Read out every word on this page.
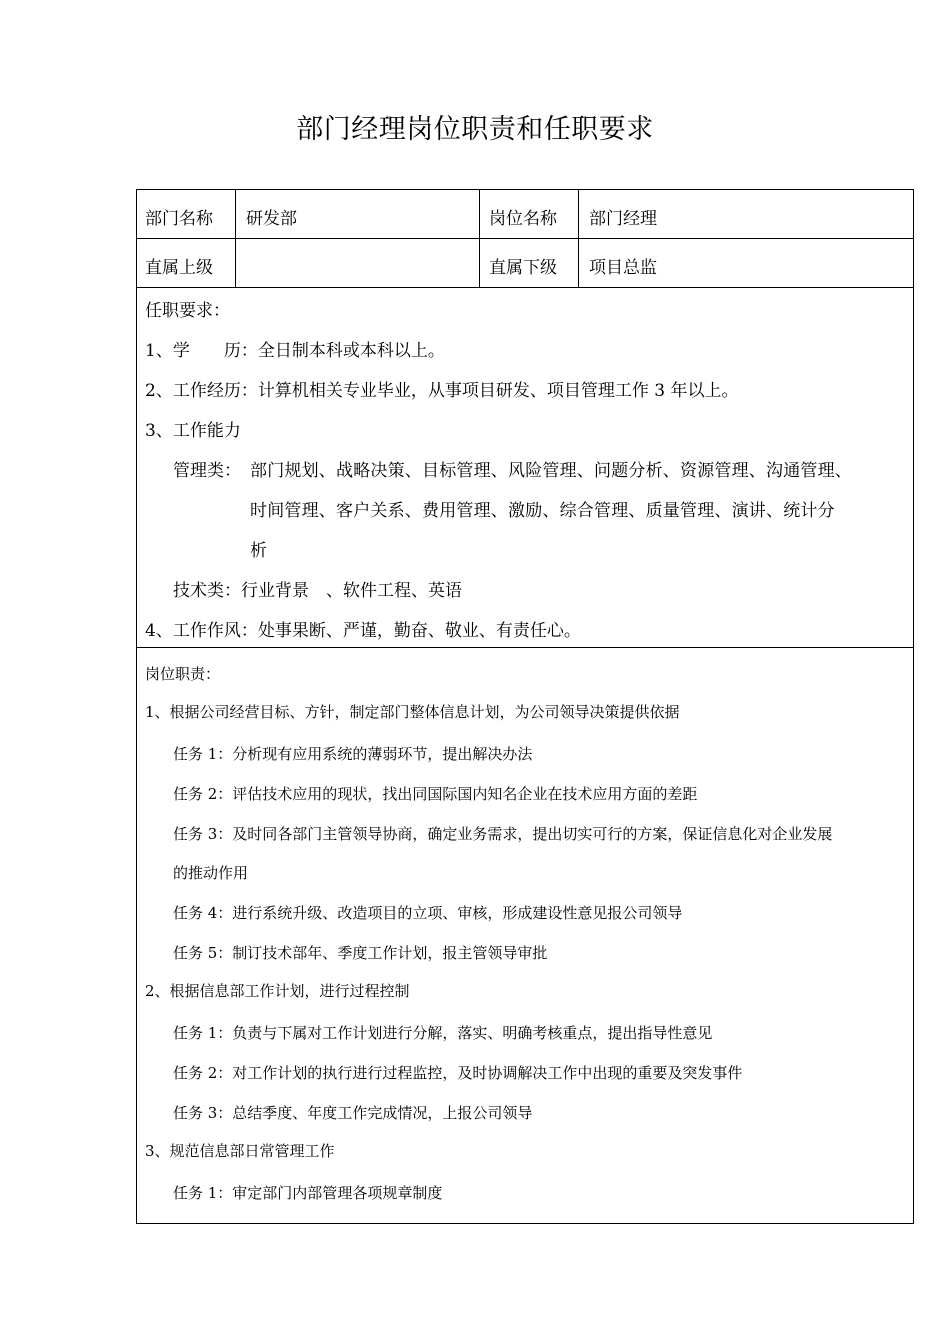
部门经理岗位职责和任职要求
部门名称 研发部	岗位名称 部门经理
直属上级	直属下级 项目总监
任职要求：
1、学　　历：全日制本科或本科以上。
2、工作经历：计算机相关专业毕业，从事项目研发、项目管理工作 3 年以上。
3、工作能力
管理类： 部门规划、战略决策、目标管理、风险管理、问题分析、资源管理、沟通管理、
时间管理、客户关系、费用管理、激励、综合管理、质量管理、演讲、统计分
析
技术类：行业背景　、软件工程、英语
4、工作作风：处事果断、严谨，勤奋、敬业、有责任心。
岗位职责：
1、根据公司经营目标、方针，制定部门整体信息计划，为公司领导决策提供依据
任务 1：分析现有应用系统的薄弱环节，提出解决办法
任务 2：评估技术应用的现状，找出同国际国内知名企业在技术应用方面的差距
任务 3：及时同各部门主管领导协商，确定业务需求，提出切实可行的方案，保证信息化对企业发展
的推动作用
任务 4：进行系统升级、改造项目的立项、审核，形成建设性意见报公司领导
任务 5：制订技术部年、季度工作计划，报主管领导审批
2、根据信息部工作计划，进行过程控制
任务 1：负责与下属对工作计划进行分解，落实、明确考核重点，提出指导性意见
任务 2：对工作计划的执行进行过程监控，及时协调解决工作中出现的重要及突发事件
任务 3：总结季度、年度工作完成情况，上报公司领导
3、规范信息部日常管理工作
任务 1：审定部门内部管理各项规章制度
